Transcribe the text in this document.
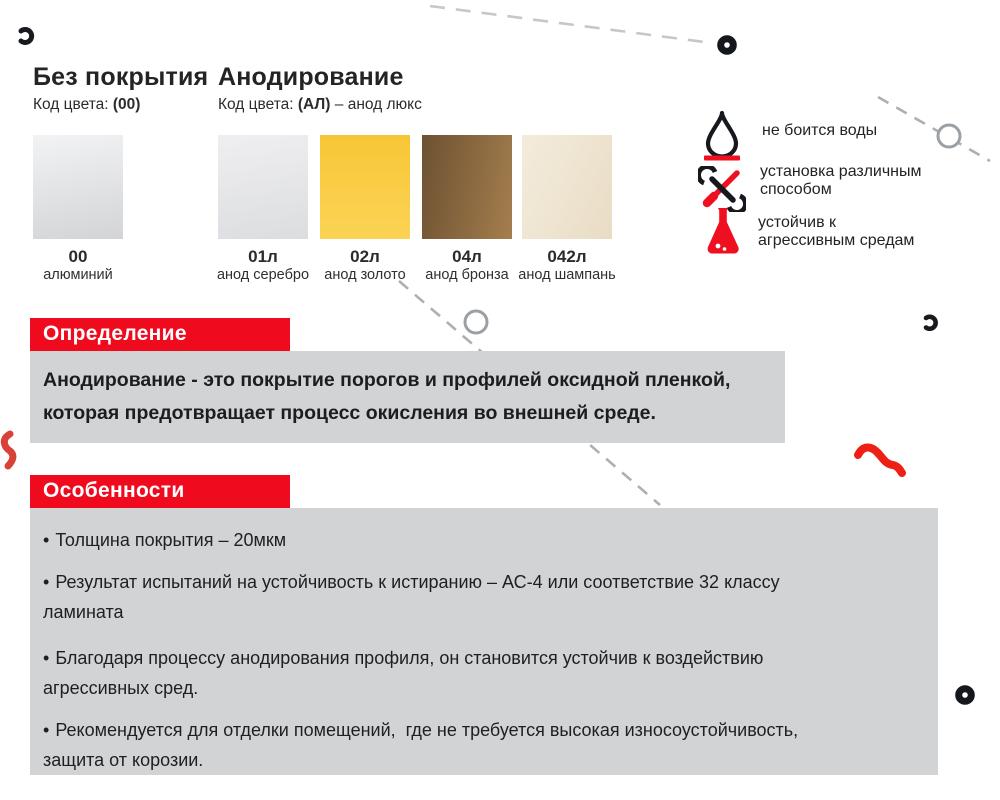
Без покрытия
Код цвета: (00)
Анодирование
Код цвета: (АЛ) – анод люкс
00
алюминий
01л
анод серебро
02л
анод золото
04л
анод бронза
042л
анод шампань
не боится воды
установка различным
способом
устойчив к
агрессивным средам
Определение
Анодирование - это покрытие порогов и профилей оксидной пленкой,
которая предотвращает процесс окисления во внешней среде.
Особенности
• Толщина покрытия – 20мкм
• Результат испытаний на устойчивость к истиранию – АС-4 или соответствие 32 классу
ламината
• Благодаря процессу анодирования профиля, он становится устойчив к воздействию
агрессивных сред.
• Рекомендуется для отделки помещений,  где не требуется высокая износоустойчивость,
защита от корозии.
